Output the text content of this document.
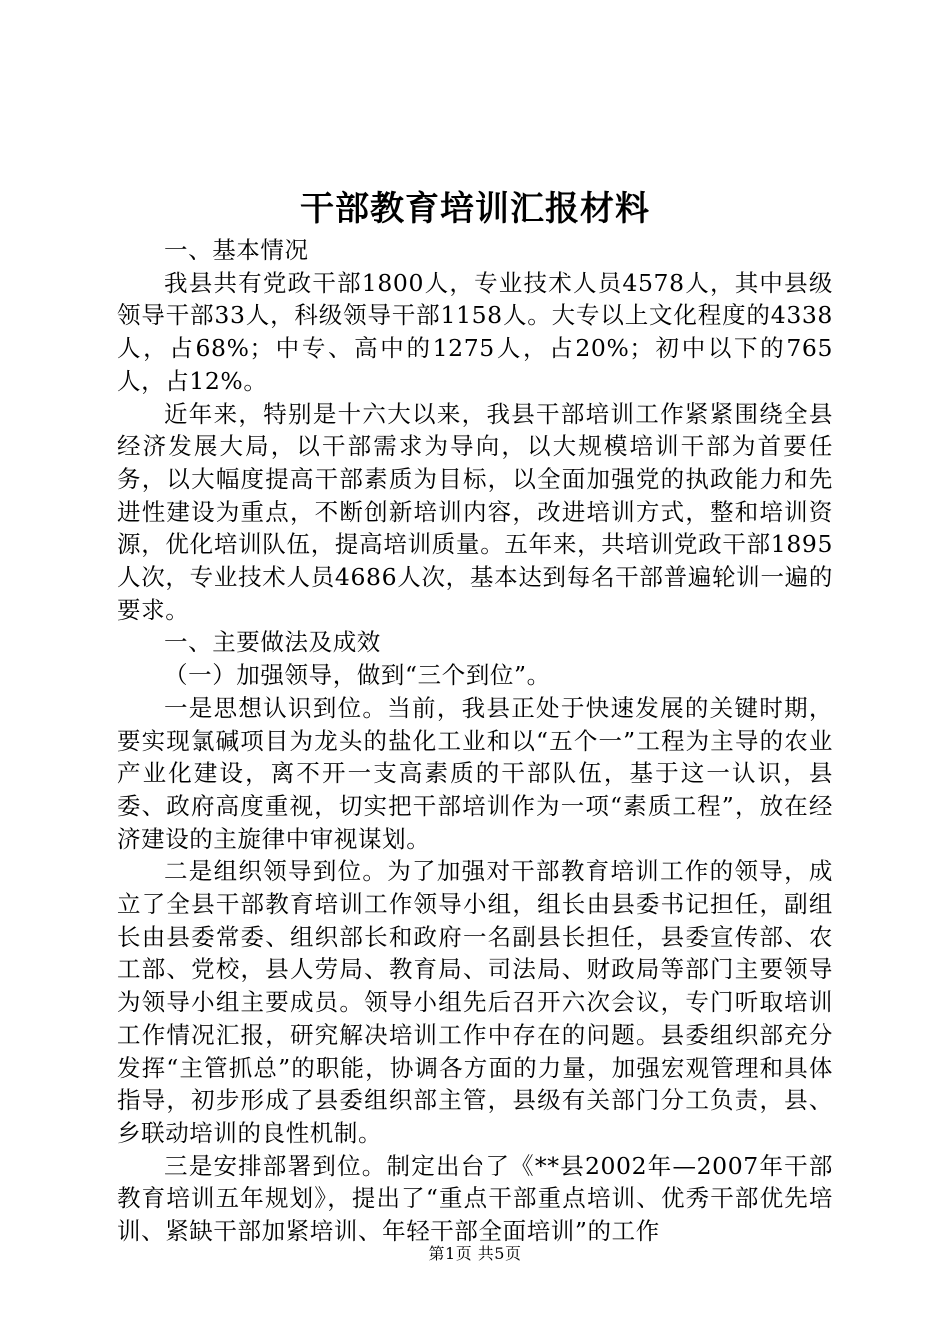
干部教育培训汇报材料

一、基本情况

我县共有党政干部1800人，专业技术人员4578人，其中县级领导干部33人，科级领导干部1158人。大专以上文化程度的4338人，占68%；中专、高中的1275人，占20%；初中以下的765人，占12%。

近年来，特别是十六大以来，我县干部培训工作紧紧围绕全县经济发展大局，以干部需求为导向，以大规模培训干部为首要任务，以大幅度提高干部素质为目标，以全面加强党的执政能力和先进性建设为重点，不断创新培训内容，改进培训方式，整和培训资源，优化培训队伍，提高培训质量。五年来，共培训党政干部1895人次，专业技术人员4686人次，基本达到每名干部普遍轮训一遍的要求。

一、主要做法及成效

（一）加强领导，做到“三个到位”。

一是思想认识到位。当前，我县正处于快速发展的关键时期，要实现氯碱项目为龙头的盐化工业和以“五个一”工程为主导的农业产业化建设，离不开一支高素质的干部队伍，基于这一认识，县委、政府高度重视，切实把干部培训作为一项“素质工程”，放在经济建设的主旋律中审视谋划。

二是组织领导到位。为了加强对干部教育培训工作的领导，成立了全县干部教育培训工作领导小组，组长由县委书记担任，副组长由县委常委、组织部长和政府一名副县长担任，县委宣传部、农工部、党校，县人劳局、教育局、司法局、财政局等部门主要领导为领导小组主要成员。领导小组先后召开六次会议，专门听取培训工作情况汇报，研究解决培训工作中存在的问题。县委组织部充分发挥“主管抓总”的职能，协调各方面的力量，加强宏观管理和具体指导，初步形成了县委组织部主管，县级有关部门分工负责，县、乡联动培训的良性机制。

三是安排部署到位。制定出台了《**县2002年—2007年干部教育培训五年规划》，提出了“重点干部重点培训、优秀干部优先培训、紧缺干部加紧培训、年轻干部全面培训”的工作

第1页 共5页
